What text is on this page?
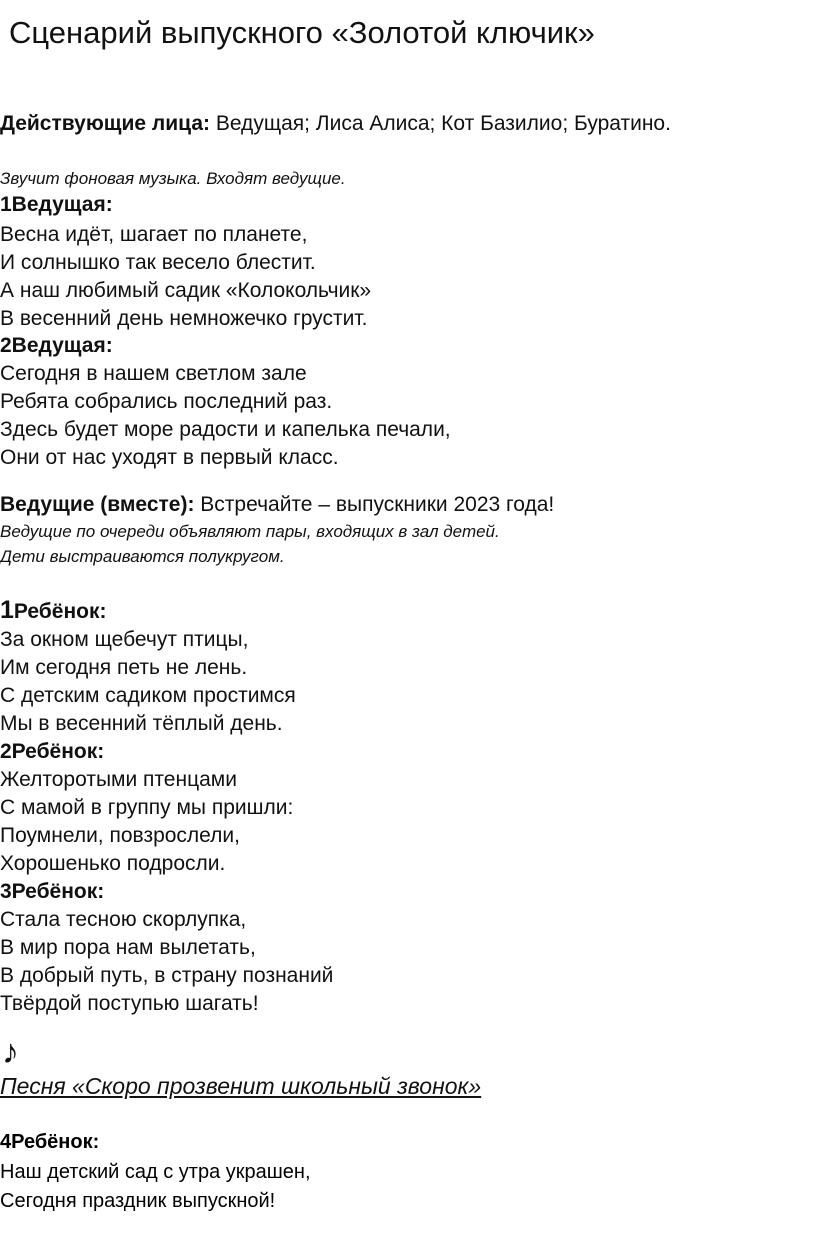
Сценарий выпускного «Золотой ключик»
Действующие лица: Ведущая; Лиса Алиса; Кот Базилио; Буратино.
Звучит фоновая музыка. Входят ведущие.
1Ведущая:
Весна идёт, шагает по планете,
И солнышко так весело блестит.
А наш любимый садик «Колокольчик»
В весенний день немножечко грустит.
2Ведущая:
Сегодня в нашем светлом зале
Ребята собрались последний раз.
Здесь будет море радости и капелька печали,
Они от нас уходят в первый класс.
Ведущие (вместе): Встречайте – выпускники 2023 года!
Ведущие по очереди объявляют пары, входящих в зал детей.
Дети выстраиваются полукругом.
1Ребёнок:
За окном щебечут птицы,
Им сегодня петь не лень.
С детским садиком простимся
Мы в весенний тёплый день.
2Ребёнок:
Желторотыми птенцами
С мамой в группу мы пришли:
Поумнели, повзрослели,
Хорошенько подросли.
3Ребёнок:
Стала тесною скорлупка,
В мир пора нам вылетать,
В добрый путь, в страну познаний
Твёрдой поступью шагать!
♪
Песня «Скоро прозвенит школьный звонок»
4Ребёнок:
Наш детский сад с утра украшен,
Сегодня праздник выпускной!
